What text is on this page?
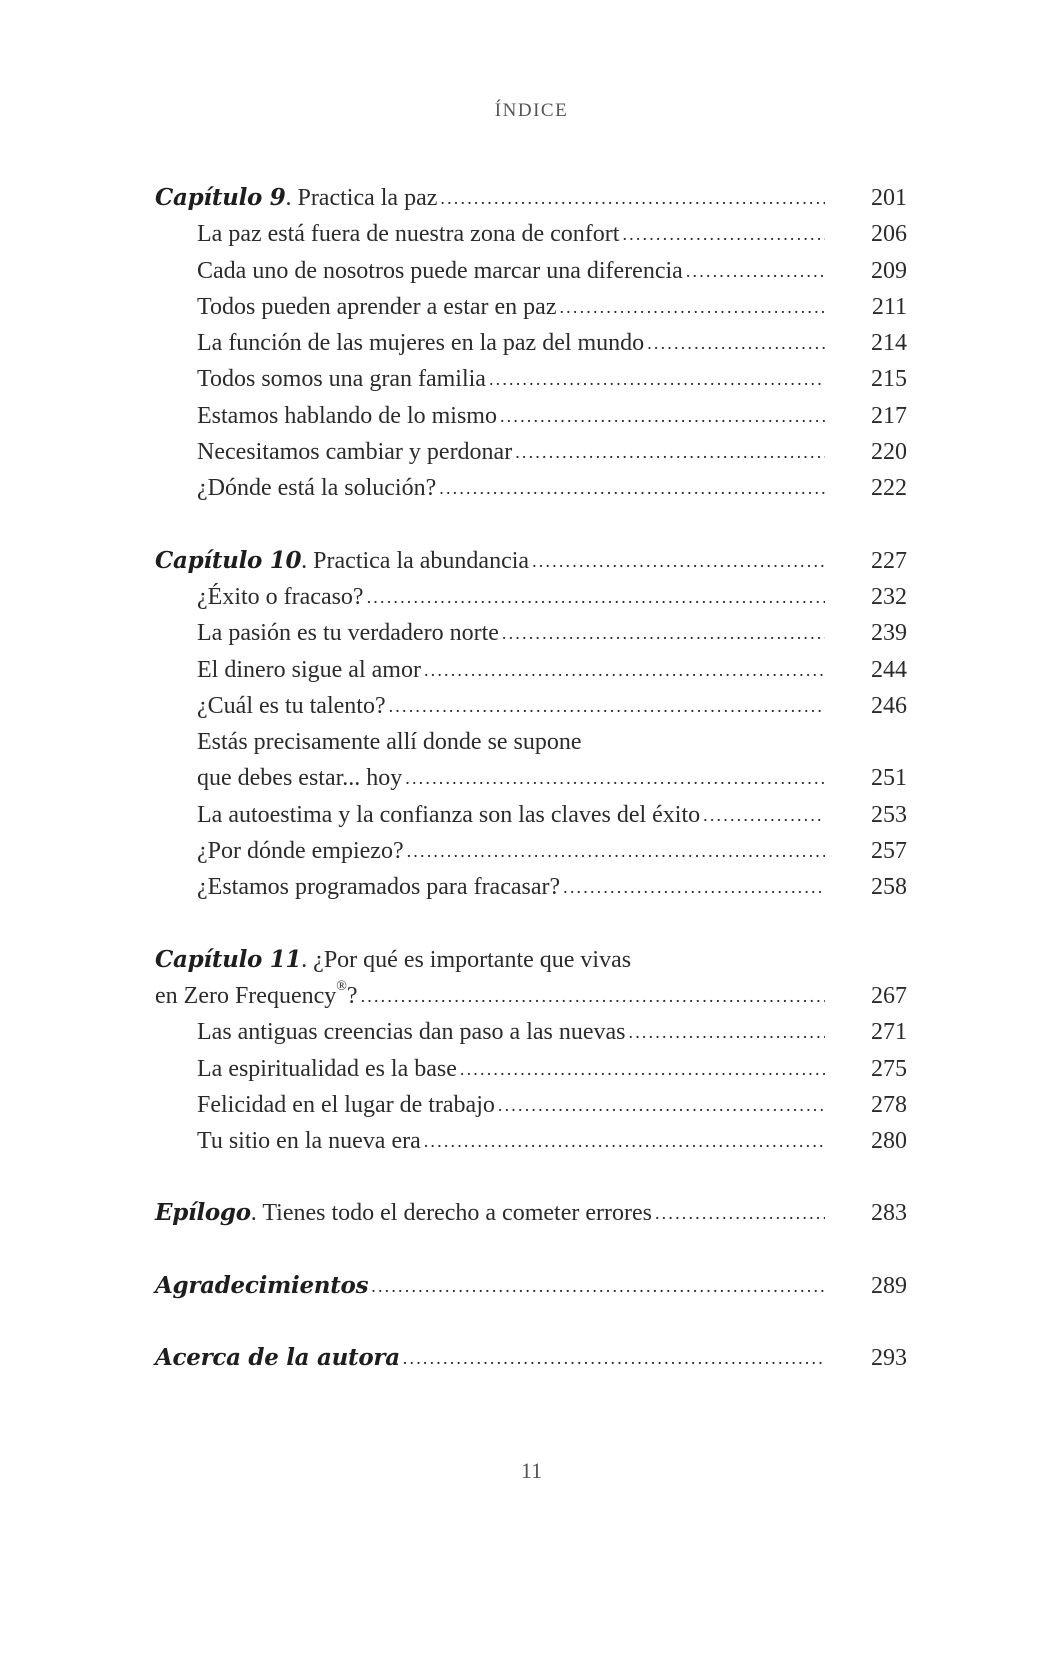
ÍNDICE
Capítulo 9. Practica la paz .....	201
La paz está fuera de nuestra zona de confort .....	206
Cada uno de nosotros puede marcar una diferencia .....	209
Todos pueden aprender a estar en paz .....	211
La función de las mujeres en la paz del mundo .....	214
Todos somos una gran familia .....	215
Estamos hablando de lo mismo .....	217
Necesitamos cambiar y perdonar .....	220
¿Dónde está la solución? .....	222
Capítulo 10. Practica la abundancia .....	227
¿Éxito o fracaso? .....	232
La pasión es tu verdadero norte .....	239
El dinero sigue al amor .....	244
¿Cuál es tu talento? .....	246
Estás precisamente allí donde se supone
que debes estar... hoy .....	251
La autoestima y la confianza son las claves del éxito .....	253
¿Por dónde empiezo? .....	257
¿Estamos programados para fracasar? .....	258
Capítulo 11. ¿Por qué es importante que vivas
en Zero Frequency®? .....	267
Las antiguas creencias dan paso a las nuevas .....	271
La espiritualidad es la base .....	275
Felicidad en el lugar de trabajo .....	278
Tu sitio en la nueva era .....	280
Epílogo. Tienes todo el derecho a cometer errores .....	283
Agradecimientos .....	289
Acerca de la autora .....	293
11
